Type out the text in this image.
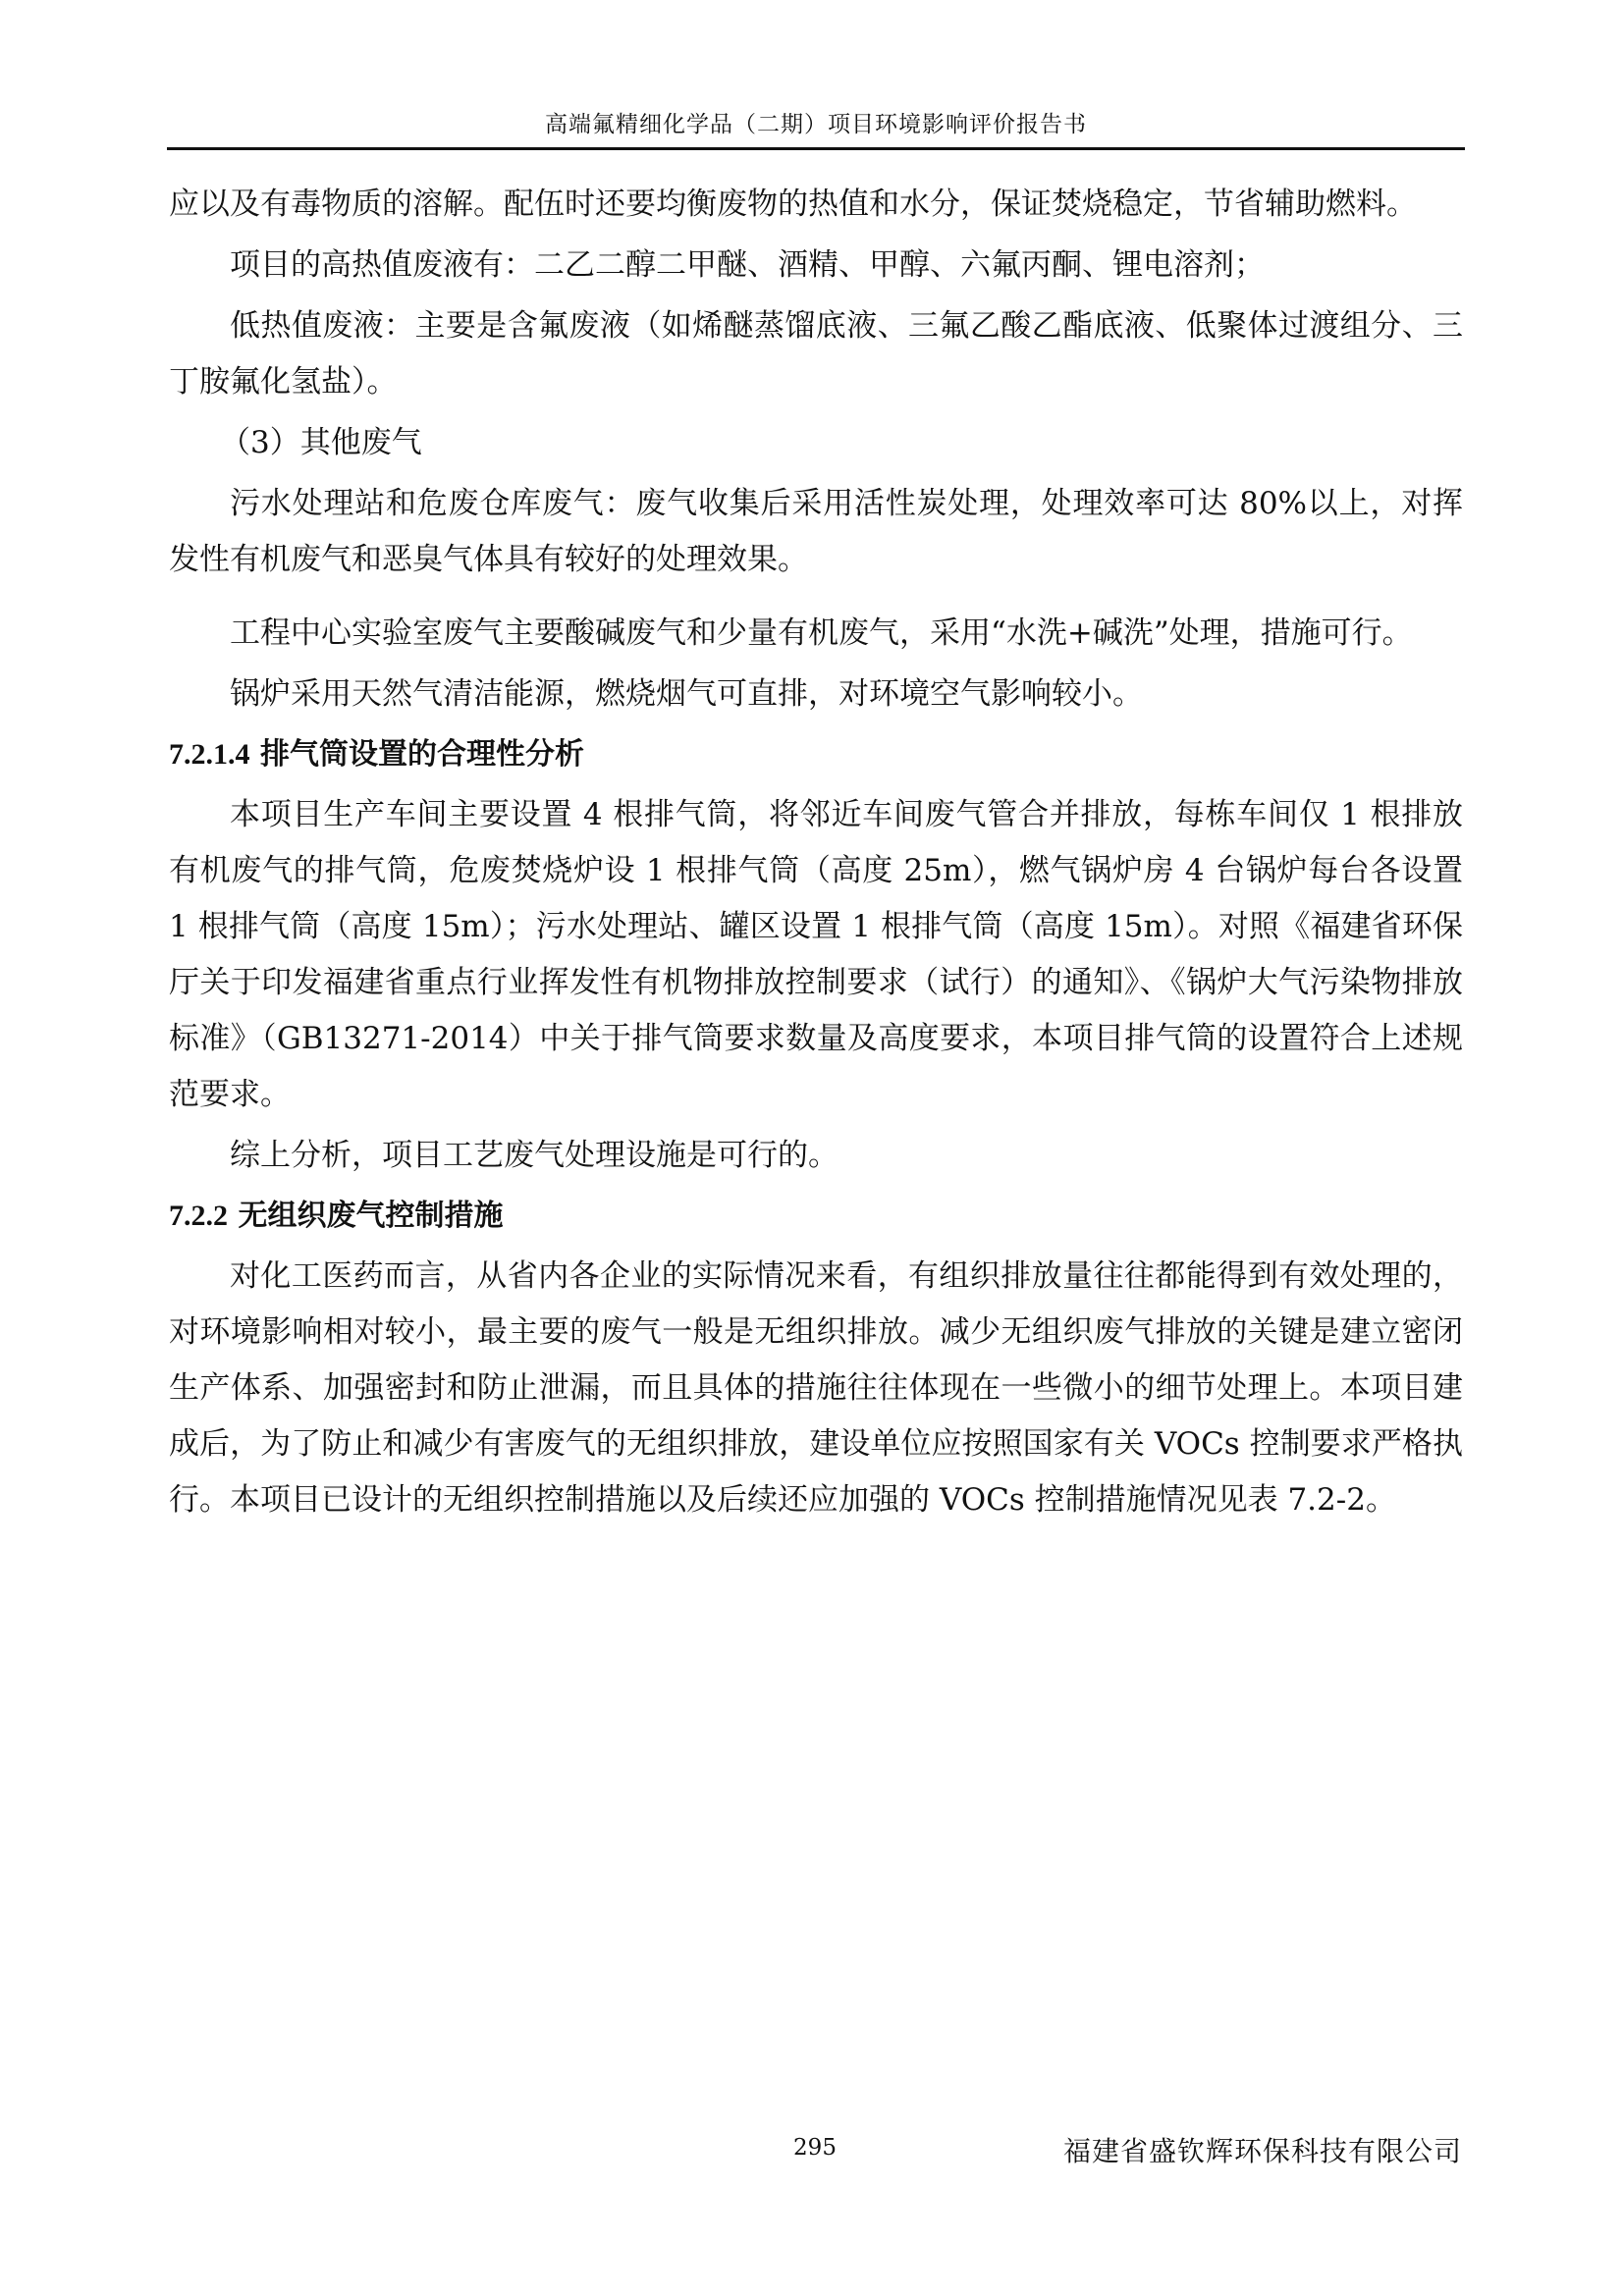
高端氟精细化学品（二期）项目环境影响评价报告书

应以及有毒物质的溶解。配伍时还要均衡废物的热值和水分，保证焚烧稳定，节省辅助燃料。

项目的高热值废液有：二乙二醇二甲醚、酒精、甲醇、六氟丙酮、锂电溶剂；

低热值废液：主要是含氟废液（如烯醚蒸馏底液、三氟乙酸乙酯底液、低聚体过渡组分、三丁胺氟化氢盐）。

（3）其他废气

污水处理站和危废仓库废气：废气收集后采用活性炭处理，处理效率可达 80%以上，对挥发性有机废气和恶臭气体具有较好的处理效果。

工程中心实验室废气主要酸碱废气和少量有机废气，采用“水洗+碱洗”处理，措施可行。

锅炉采用天然气清洁能源，燃烧烟气可直排，对环境空气影响较小。

7.2.1.4 排气筒设置的合理性分析

本项目生产车间主要设置 4 根排气筒，将邻近车间废气管合并排放，每栋车间仅 1 根排放有机废气的排气筒，危废焚烧炉设 1 根排气筒（高度 25m），燃气锅炉房 4 台锅炉每台各设置 1 根排气筒（高度 15m）；污水处理站、罐区设置 1 根排气筒（高度 15m）。对照《福建省环保厅关于印发福建省重点行业挥发性有机物排放控制要求（试行）的通知》、《锅炉大气污染物排放标准》（GB13271-2014）中关于排气筒要求数量及高度要求，本项目排气筒的设置符合上述规范要求。

综上分析，项目工艺废气处理设施是可行的。

7.2.2 无组织废气控制措施

对化工医药而言，从省内各企业的实际情况来看，有组织排放量往往都能得到有效处理的，对环境影响相对较小，最主要的废气一般是无组织排放。减少无组织废气排放的关键是建立密闭生产体系、加强密封和防止泄漏，而且具体的措施往往体现在一些微小的细节处理上。本项目建成后，为了防止和减少有害废气的无组织排放，建设单位应按照国家有关 VOCs 控制要求严格执行。本项目已设计的无组织控制措施以及后续还应加强的 VOCs 控制措施情况见表 7.2-2。

295	福建省盛钦辉环保科技有限公司
